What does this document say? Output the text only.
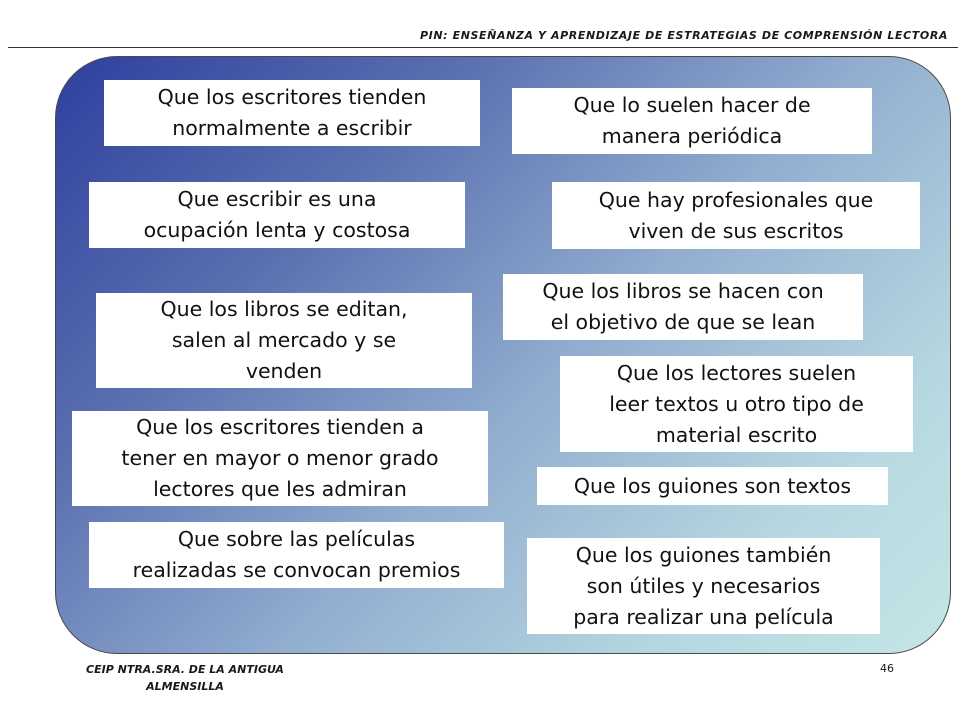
PIN: ENSEÑANZA Y APRENDIZAJE DE ESTRATEGIAS DE COMPRENSIÓN LECTORA
Que los escritores tienden
normalmente a escribir
Que lo suelen hacer de
manera periódica
Que escribir es una
ocupación lenta y costosa
Que hay profesionales que
viven de sus escritos
Que los libros se hacen con
el objetivo de que se lean
Que los libros se editan,
salen al mercado y se
venden	Que los lectores suelen
leer textos u otro tipo de
material escrito
Que los escritores tienden a
tener en mayor o menor grado
lectores que les admiran	Que los guiones son textos
Que sobre las películas
realizadas se convocan premios
Que los guiones también
son útiles y necesarios
para realizar una película
CEIP NTRA.SRA. DE LA ANTIGUA
ALMENSILLA
46
